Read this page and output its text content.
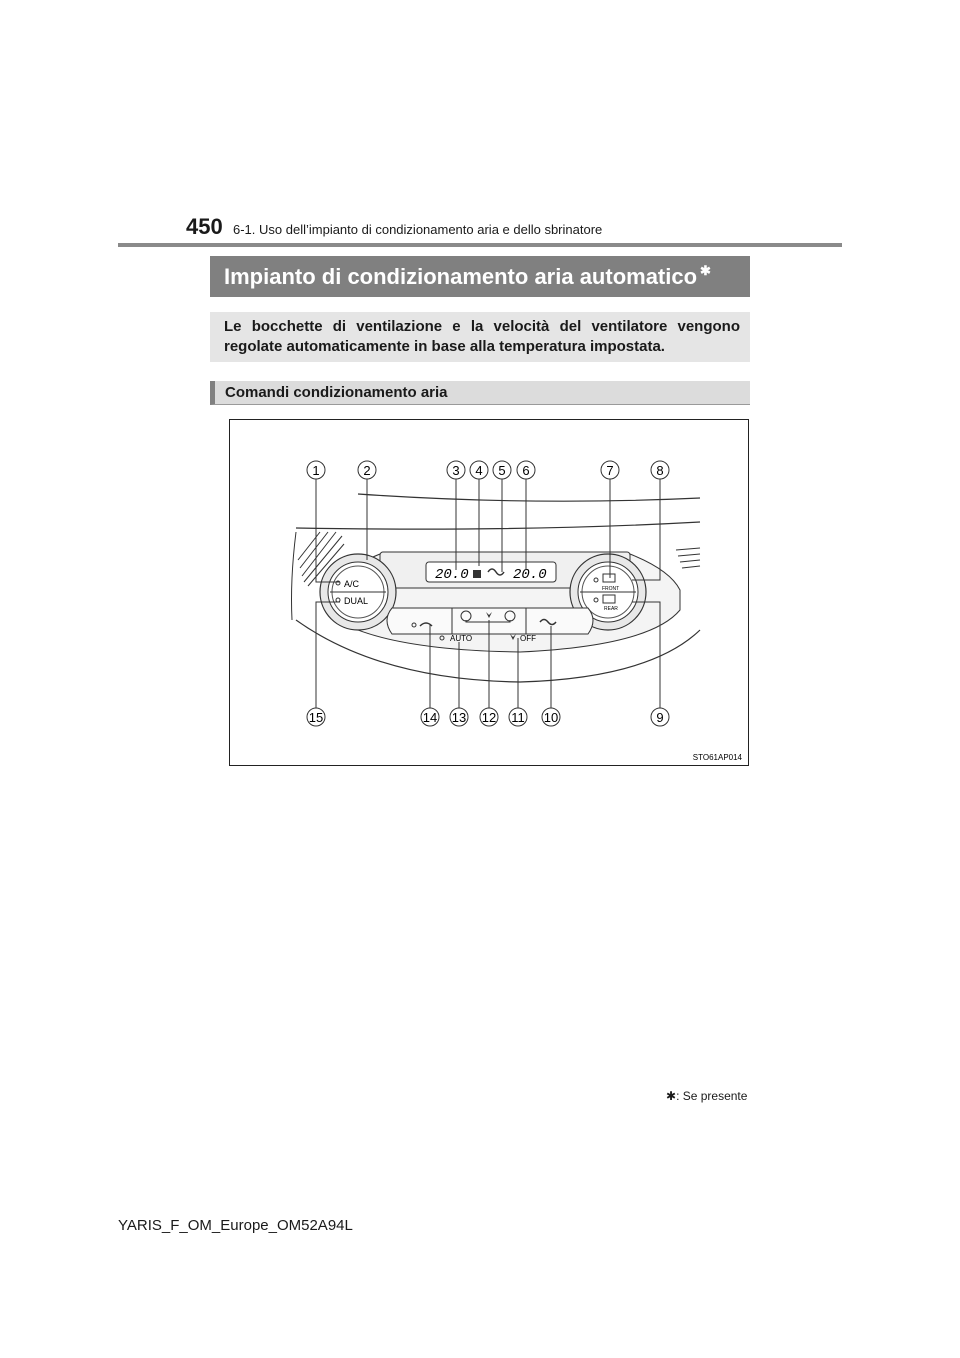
450 6-1. Uso dell’impianto di condizionamento aria e dello sbrinatore
Impianto di condizionamento aria automatico ✱
Le bocchette di ventilazione e la velocità del ventilatore vengono regolate automaticamente in base alla temperatura impostata.
Comandi condizionamento aria
20.0	20.0
A/C
DUAL
FRONT
REAR
AUTO	OFF
1	2	3 4 5 6	7	8
15	14 13 12 11 10	9
STO61AP014
✱: Se presente
YARIS_F_OM_Europe_OM52A94L
